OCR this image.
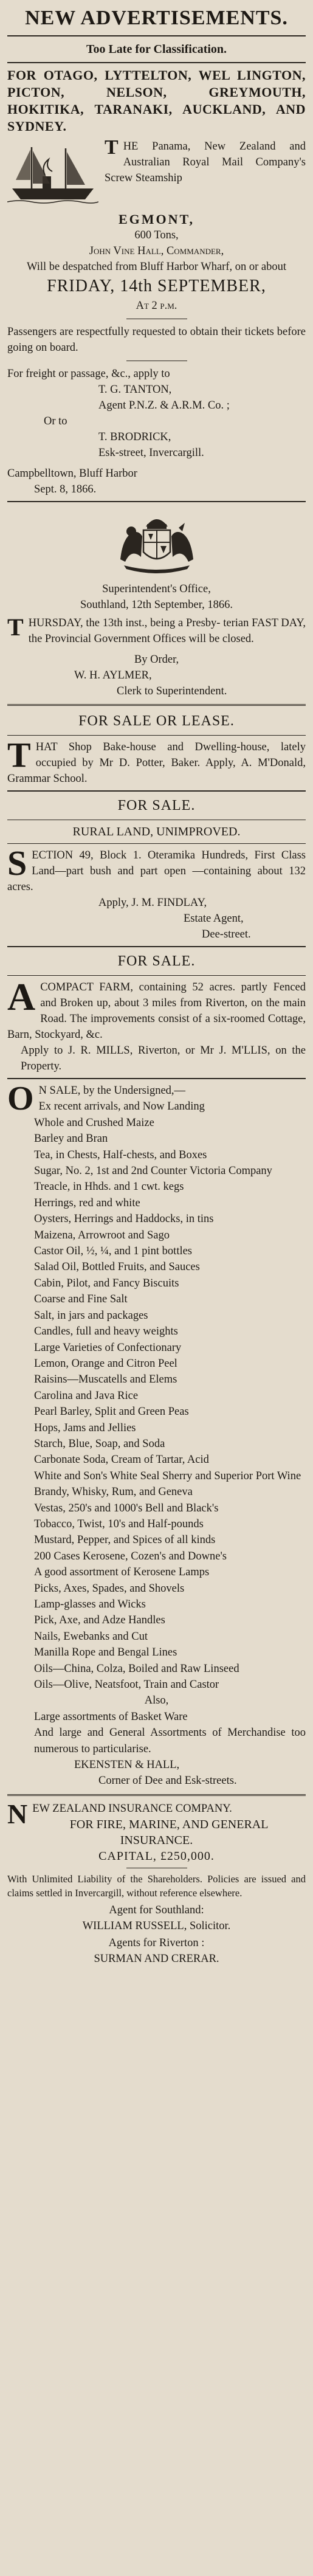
NEW ADVERTISEMENTS.
Too Late for Classification.

FOR OTAGO, LYTTELTON, WEL LINGTON, PICTON, NELSON, GREYMOUTH, HOKITIKA, TARANAKI, AUCKLAND, AND SYDNEY.

THE Panama, New Zealand and Australian Royal Mail Company's Screw Steamship

EGMONT,

600 Tons,

John Vine Hall, Commander,

Will be despatched from Bluff Harbor Wharf, on or about

FRIDAY, 14th SEPTEMBER,

At 2 p.m.

Passengers are respectfully requested to obtain their tickets before going on board.

For freight or passage, &c., apply to

T. G. TANTON,

Agent P.N.Z. & A.R.M. Co. ;

Or to

T. BRODRICK,

Esk-street, Invercargill.

Campbelltown, Bluff Harbor

Sept. 8, 1866.

Superintendent's Office,

Southland, 12th September, 1866.

THURSDAY, the 13th inst., being a Presby- terian FAST DAY, the Provincial Government Offices will be closed.

By Order,

W. H. AYLMER,

Clerk to Superintendent.

FOR SALE OR LEASE.

THAT Shop Bake-house and Dwelling-house, lately occupied by Mr D. Potter, Baker. Apply, A. M'Donald, Grammar School.

FOR SALE.

RURAL LAND, UNIMPROVED.

SECTION 49, Block 1. Oteramika Hundreds, First Class Land—part bush and part open —containing about 132 acres.

Apply, J. M. FINDLAY,

Estate Agent,

Dee-street.

FOR SALE.

ACOMPACT FARM, containing 52 acres. partly Fenced and Broken up, about 3 miles from Riverton, on the main Road. The improvements consist of a six-roomed Cottage, Barn, Stockyard, &c.

Apply to J. R. MILLS, Riverton, or Mr J. M'LLIS, on the Property.

O N SALE, by the Undersigned,—

Ex recent arrivals, and Now Landing

Whole and Crushed Maize

Barley and Bran

Tea, in Chests, Half-chests, and Boxes

Sugar, No. 2, 1st and 2nd Counter Victoria Company

Treacle, in Hhds. and 1 cwt. kegs

Herrings, red and white

Oysters, Herrings and Haddocks, in tins

Maizena, Arrowroot and Sago

Castor Oil, ½, ¼, and 1 pint bottles

Salad Oil, Bottled Fruits, and Sauces

Cabin, Pilot, and Fancy Biscuits

Coarse and Fine Salt

Salt, in jars and packages

Candles, full and heavy weights

Large Varieties of Confectionary

Lemon, Orange and Citron Peel

Raisins—Muscatells and Elems

Carolina and Java Rice

Pearl Barley, Split and Green Peas

Hops, Jams and Jellies

Starch, Blue, Soap, and Soda

Carbonate Soda, Cream of Tartar, Acid

White and Son's White Seal Sherry and Superior Port Wine

Brandy, Whisky, Rum, and Geneva

Vestas, 250's and 1000's Bell and Black's

Tobacco, Twist, 10's and Half-pounds

Mustard, Pepper, and Spices of all kinds

200 Cases Kerosene, Cozen's and Downe's

A good assortment of Kerosene Lamps

Picks, Axes, Spades, and Shovels

Lamp-glasses and Wicks

Pick, Axe, and Adze Handles

Nails, Ewebanks and Cut

Manilla Rope and Bengal Lines

Oils—China, Colza, Boiled and Raw Linseed

Oils—Olive, Neatsfoot, Train and Castor

Also,

Large assortments of Basket Ware

And large and General Assortments of Merchandise too numerous to particularise.

EKENSTEN & HALL,

Corner of Dee and Esk-streets.

NEW ZEALAND INSURANCE COMPANY.

FOR FIRE, MARINE, AND GENERAL INSURANCE.

CAPITAL, £250,000.

With Unlimited Liability of the Shareholders. Policies are issued and claims settled in Invercargill, without reference elsewhere.

Agent for Southland:

WILLIAM RUSSELL, Solicitor.

Agents for Riverton :

SURMAN AND CRERAR.
